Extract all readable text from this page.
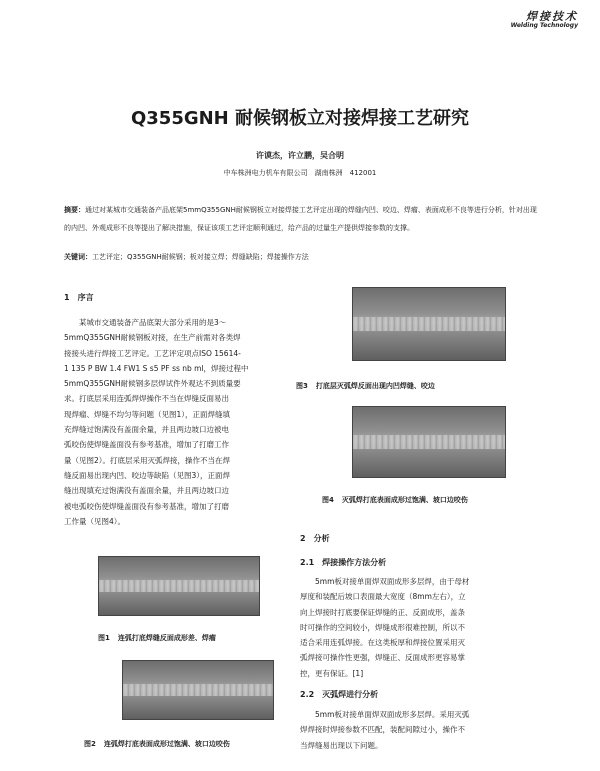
焊接技术
Welding Technology
Q355GNH 耐候钢板立对接焊接工艺研究
许谟杰，许立鹏，吴合明
中车株洲电力机车有限公司　湖南株洲　412001
摘要：通过对某城市交通装备产品底架5mmQ355GNH耐候钢板立对接焊接工艺评定出现的焊缝内凹、咬边、焊瘤、表面成形不良等进行分析，针对出现的内凹、外观成形不良等提出了解决措施，保证该项工艺评定顺利通过，给产品的过量生产提供焊接参数的支撑。
关键词：工艺评定；Q355GNH耐候钢；板对接立焊；焊缝缺陷；焊接操作方法
1　序言
某城市交通装备产品底架大部分采用的是3～
5mmQ355GNH耐候钢板对接，在生产前需对各类焊
接接头进行焊接工艺评定。工艺评定项点ISO 15614-
1 135 P BW 1.4 FW1 S s5 PF ss nb ml，焊接过程中
5mmQ355GNH耐候钢多层焊试件外观达不到质量要
求。打底层采用连弧焊焊操作不当在焊缝反面易出
现焊瘤、焊缝不均匀等问题（见图1），正面焊缝填
充焊缝过饱满没有盖面余量，并且两边坡口边被电
弧咬伤使焊缝盖面没有参考基准，增加了打磨工作
量（见图2）。打底层采用灭弧焊接，操作不当在焊
缝反面易出现内凹、咬边等缺陷（见图3），正面焊
缝出现填充过饱满没有盖面余量，并且两边坡口边
被电弧咬伤使焊缝盖面没有参考基准，增加了打磨
工作量（见图4）。
图1 连弧打底焊缝反面成形差、焊瘤
图2 连弧焊打底表面成形过饱满、坡口边咬伤
图3 打底层灭弧焊反面出现内凹焊缝、咬边
图4 灭弧焊打底表面成形过饱满、坡口边咬伤
2　分析
2.1　焊接操作方法分析
5mm板对接单面焊双面成形多层焊，由于母材
厚度和装配后坡口表面最大宽度（8mm左右），立
向上焊接时打底要保证焊缝的正、反面成形，盖条
时可操作的空间较小，焊缝成形很难控制，所以不
适合采用连弧焊接。在这类板厚和焊接位置采用灭
弧焊接可操作性更强，焊缝正、反面成形更容易掌
控，更有保证。[1]
2.2　灭弧焊进行分析
5mm板对接单面焊双面成形多层焊。采用灭弧
焊焊接时焊接参数不匹配，装配间隙过小，操作不
当焊缝易出现以下问题。
